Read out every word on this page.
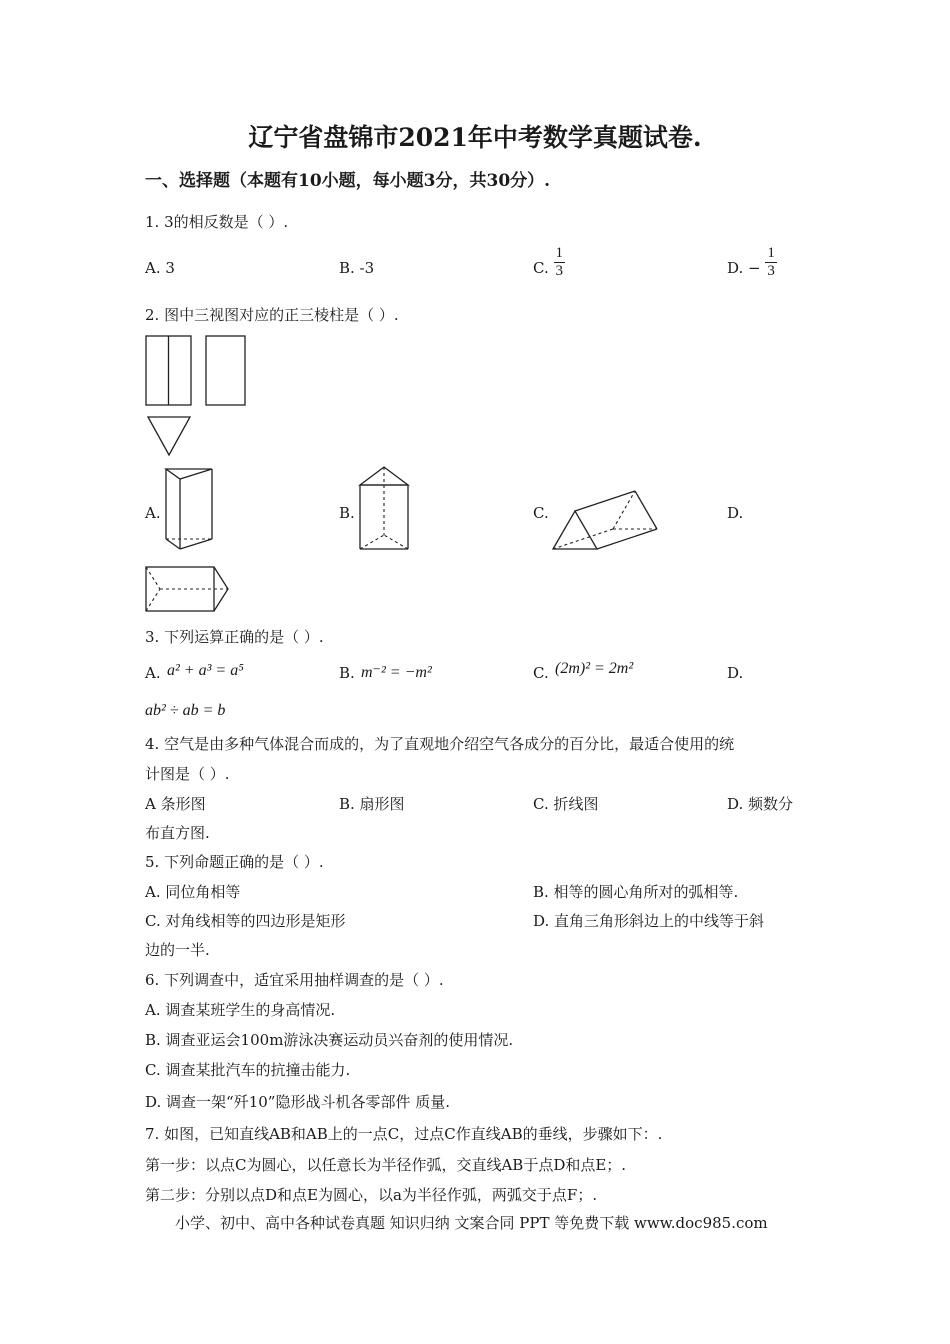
辽宁省盘锦市2021年中考数学真题试卷.
一、选择题（本题有10小题，每小题3分，共30分）.
1. 3的相反数是（ ）.
A. 3	B. -3	C. $\frac{1}{3}$	D. − $\frac{1}{3}$
2. 图中三视图对应的正三棱柱是（ ）.
A.	B.	C.	D.
3. 下列运算正确的是（ ）.
A. a² + a³ = a⁵	B. m⁻² = −m²	C. (2m)² = 2m²	D.
ab² ÷ ab = b
4. 空气是由多种气体混合而成的，为了直观地介绍空气各成分的百分比，最适合使用的统
计图是（ ）.
A 条形图	B. 扇形图	C. 折线图	D. 频数分
布直方图.
5. 下列命题正确的是（ ）.
A. 同位角相等	B. 相等的圆心角所对的弧相等.
C. 对角线相等的四边形是矩形	D. 直角三角形斜边上的中线等于斜
边的一半.
6. 下列调查中，适宜采用抽样调查的是（ ）.
A. 调查某班学生的身高情况.
B. 调查亚运会100m游泳决赛运动员兴奋剂的使用情况.
C. 调查某批汽车的抗撞击能力.
D. 调查一架“歼10”隐形战斗机各零部件 质量.
7. 如图，已知直线AB和AB上的一点C，过点C作直线AB的垂线，步骤如下：.
第一步：以点C为圆心，以任意长为半径作弧，交直线AB于点D和点E；.
第二步：分别以点D和点E为圆心，以a为半径作弧，两弧交于点F；.
小学、初中、高中各种试卷真题 知识归纳 文案合同 PPT 等免费下载 www.doc985.com
